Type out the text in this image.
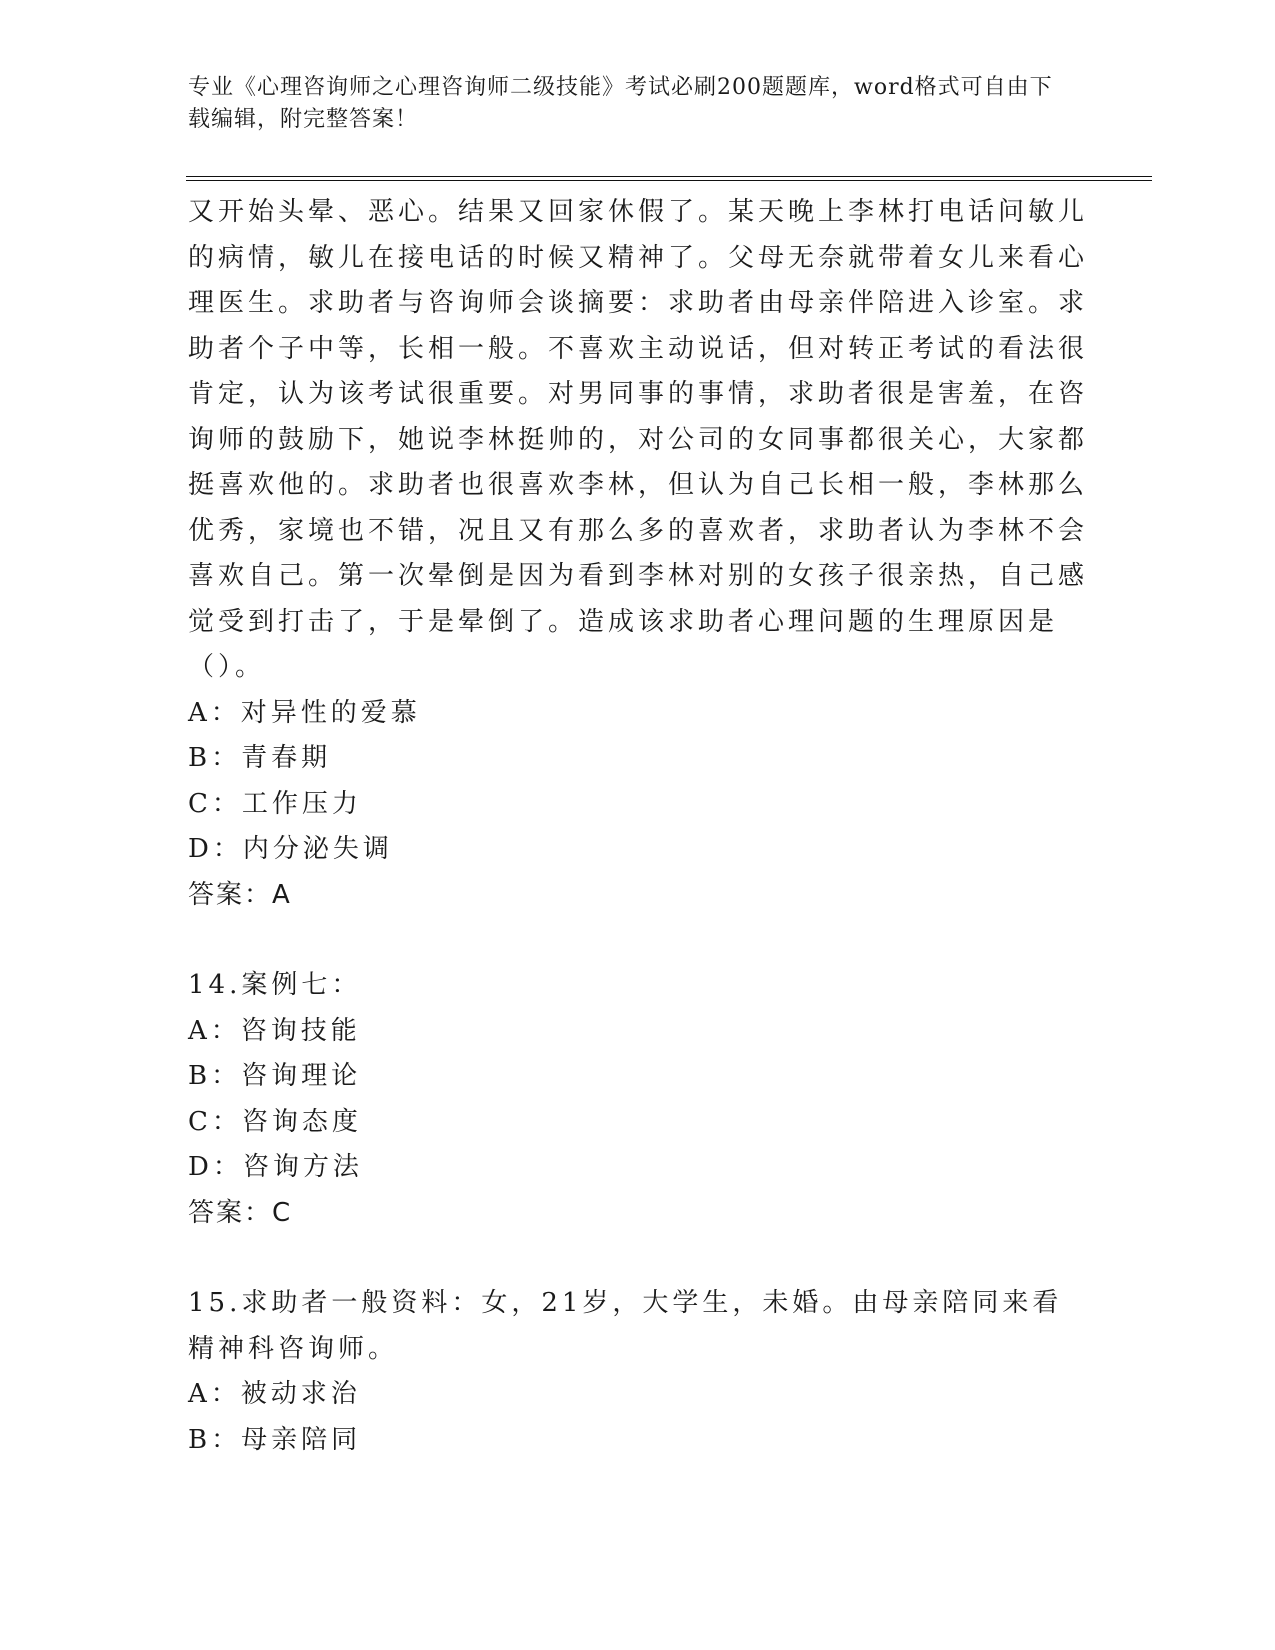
专业《心理咨询师之心理咨询师二级技能》考试必刷200题题库，word格式可自由下载编辑，附完整答案！

又开始头晕、恶心。结果又回家休假了。某天晚上李林打电话问敏儿的病情，敏儿在接电话的时候又精神了。父母无奈就带着女儿来看心理医生。求助者与咨询师会谈摘要：求助者由母亲伴陪进入诊室。求助者个子中等，长相一般。不喜欢主动说话，但对转正考试的看法很肯定，认为该考试很重要。对男同事的事情，求助者很是害羞，在咨询师的鼓励下，她说李林挺帅的，对公司的女同事都很关心，大家都挺喜欢他的。求助者也很喜欢李林，但认为自己长相一般，李林那么优秀，家境也不错，况且又有那么多的喜欢者，求助者认为李林不会喜欢自己。第一次晕倒是因为看到李林对别的女孩子很亲热，自己感觉受到打击了，于是晕倒了。造成该求助者心理问题的生理原因是（）。

A：对异性的爱慕

B：青春期

C：工作压力

D：内分泌失调

答案：A

14.案例七：

A：咨询技能

B：咨询理论

C：咨询态度

D：咨询方法

答案：C

15.求助者一般资料：女，21岁，大学生，未婚。由母亲陪同来看精神科咨询师。

A：被动求治

B：母亲陪同
